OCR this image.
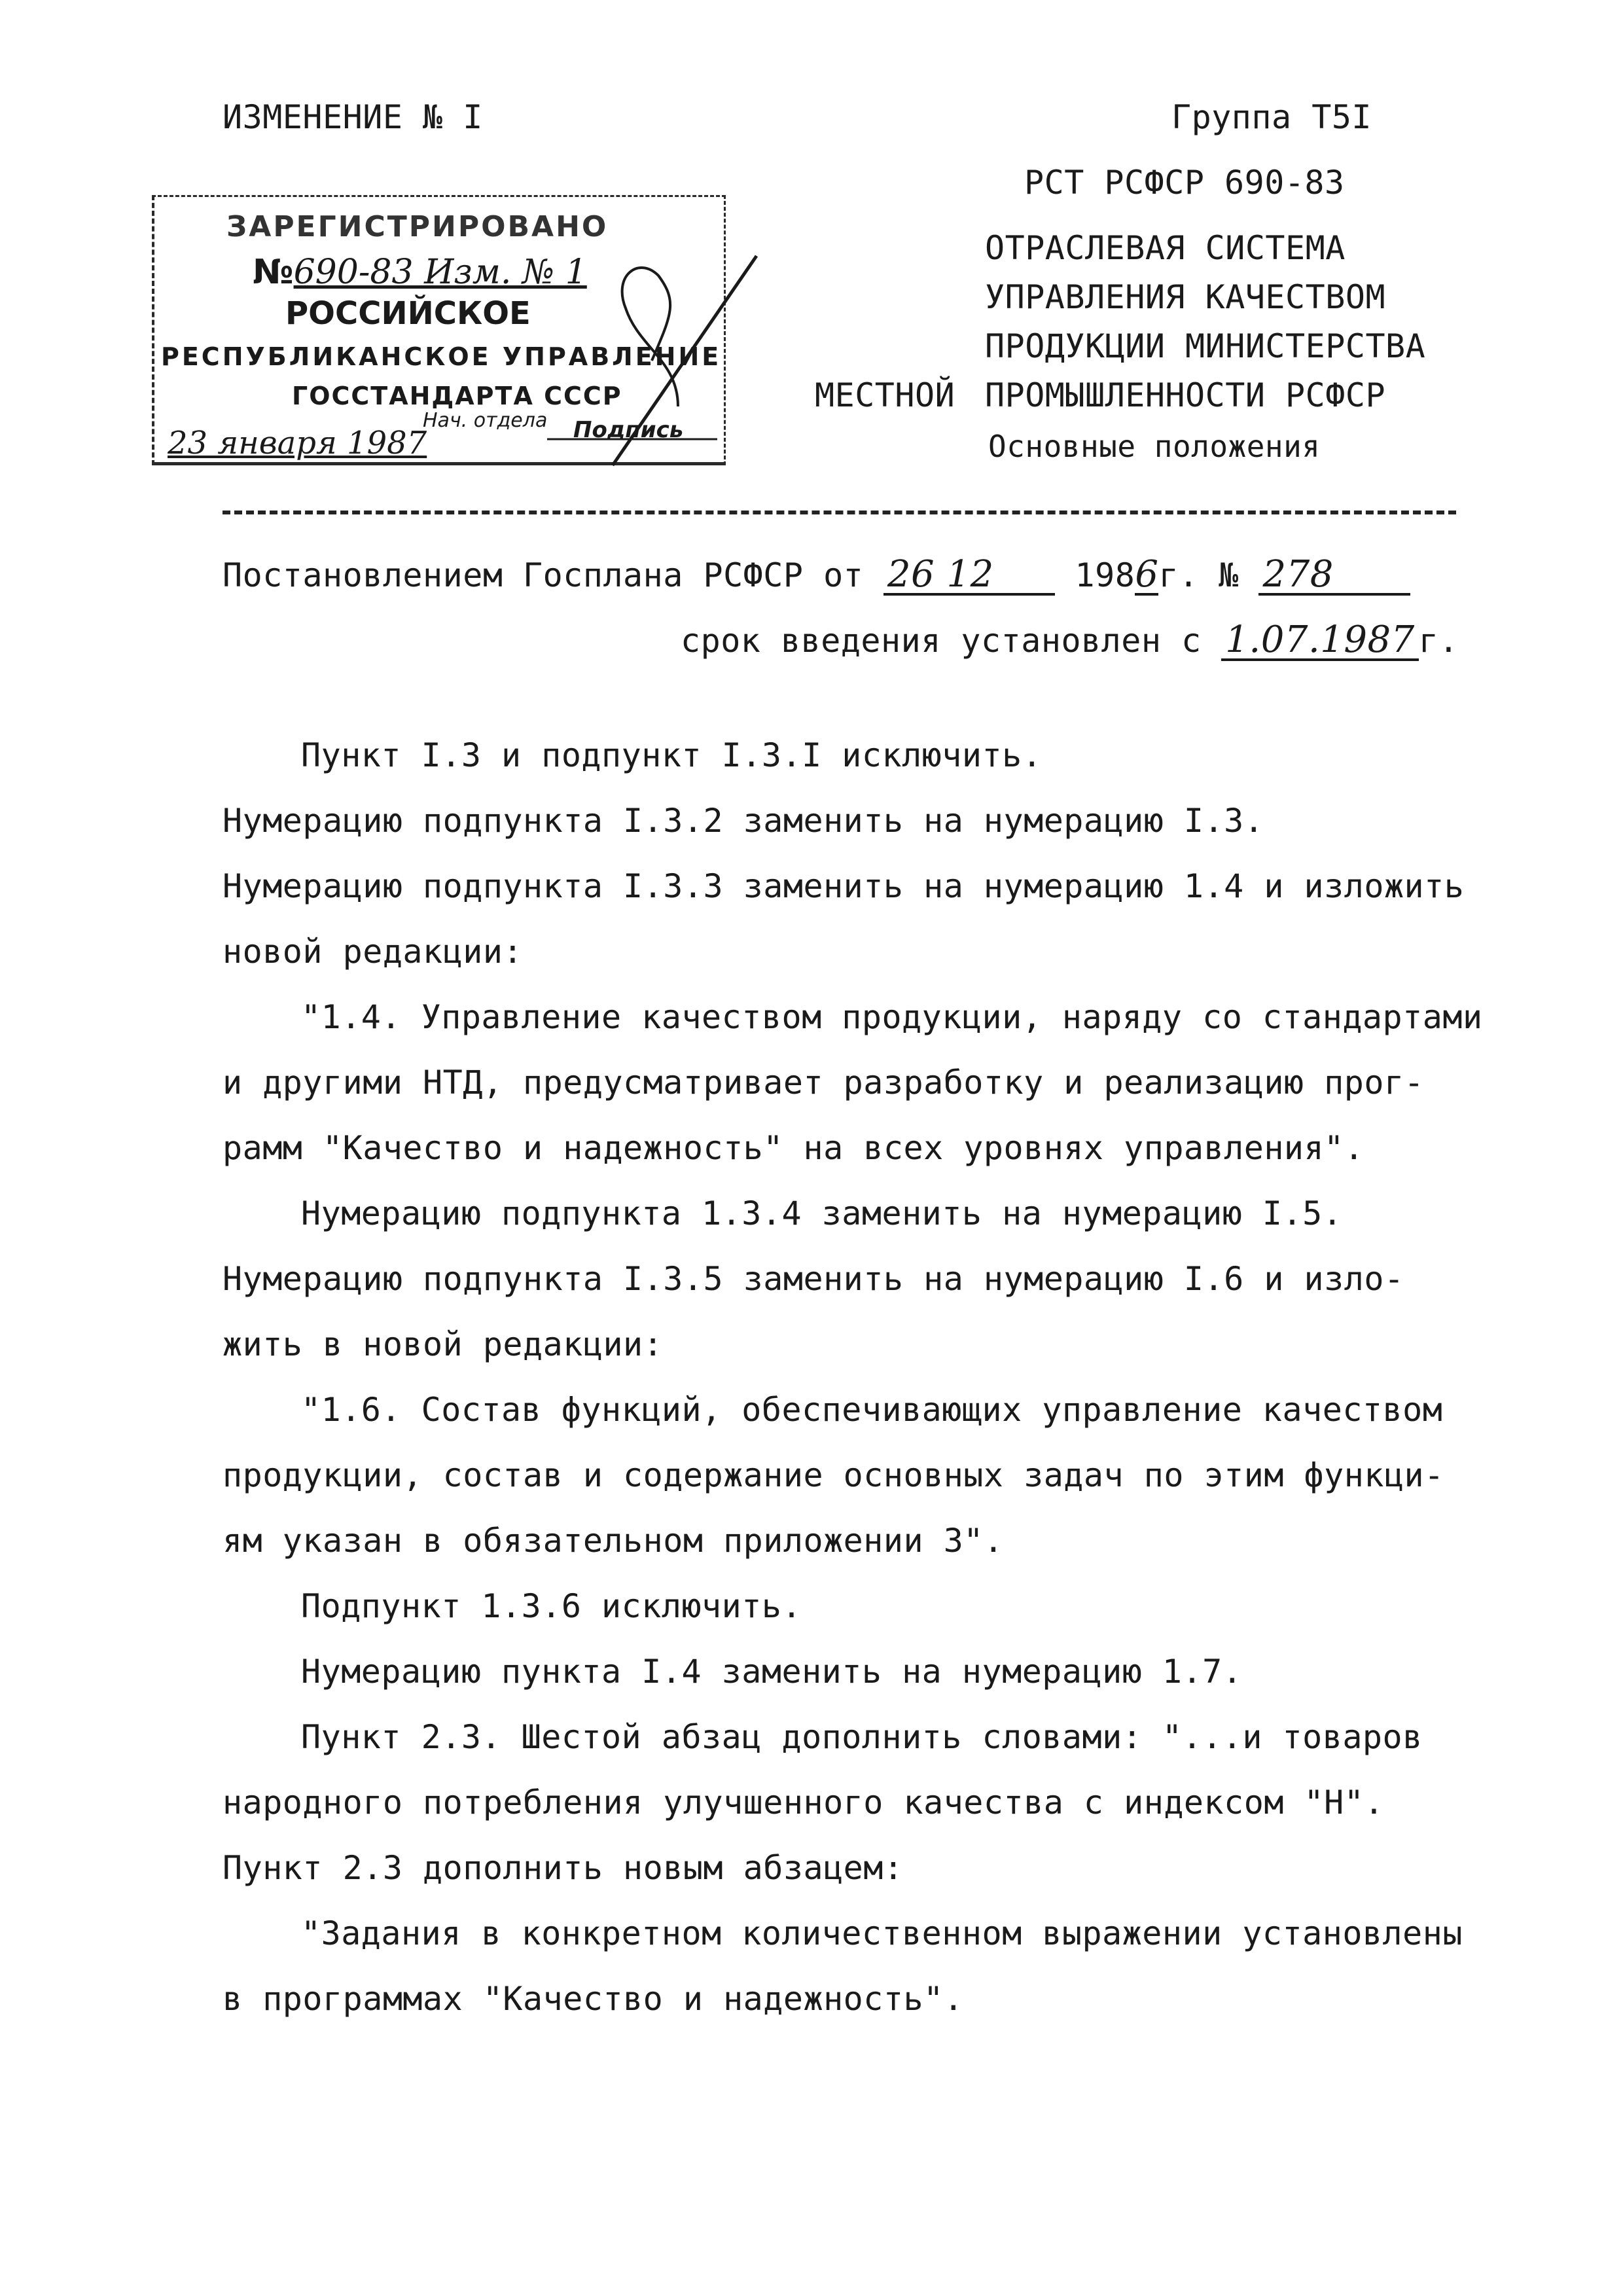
ИЗМЕНЕНИЕ № I	Группа Т5I
РСТ РСФСР 690-83
ОТРАСЛЕВАЯ СИСТЕМА
УПРАВЛЕНИЯ КАЧЕСТВОМ
ПРОДУКЦИИ МИНИСТЕРСТВА
МЕСТНОЙ ПРОМЫШЛЕННОСТИ РСФСР
Основные положения
ЗАРЕГИСТРИРОВАНО
№690-83 Изм. № 1
РОССИЙСКОЕ
РЕСПУБЛИКАНСКОЕ УПРАВЛЕНИЕ
ГОССТАНДАРТА СССР
Нач. отдела
23 января 1987	Подпись
Постановлением Госплана РСФСР от 26 12 1986г. № 278
срок введения установлен с 1.07.1987 г.
Пункт I.3 и подпункт I.3.I исключить.
Нумерацию подпункта I.3.2 заменить на нумерацию I.3.
Нумерацию подпункта I.3.3 заменить на нумерацию 1.4 и изложить
новой редакции:
"1.4. Управление качеством продукции, наряду со стандартами
и другими НТД, предусматривает разработку и реализацию прог-
рамм "Качество и надежность" на всех уровнях управления".
Нумерацию подпункта 1.3.4 заменить на нумерацию I.5.
Нумерацию подпункта I.3.5 заменить на нумерацию I.6 и изло-
жить в новой редакции:
"1.6. Состав функций, обеспечивающих управление качеством
продукции, состав и содержание основных задач по этим функци-
ям указан в обязательном приложении 3".
Подпункт 1.3.6 исключить.
Нумерацию пункта I.4 заменить на нумерацию 1.7.
Пункт 2.3. Шестой абзац дополнить словами: "...и товаров
народного потребления улучшенного качества с индексом "Н".
Пункт 2.3 дополнить новым абзацем:
"Задания в конкретном количественном выражении установлены
в программах "Качество и надежность".
